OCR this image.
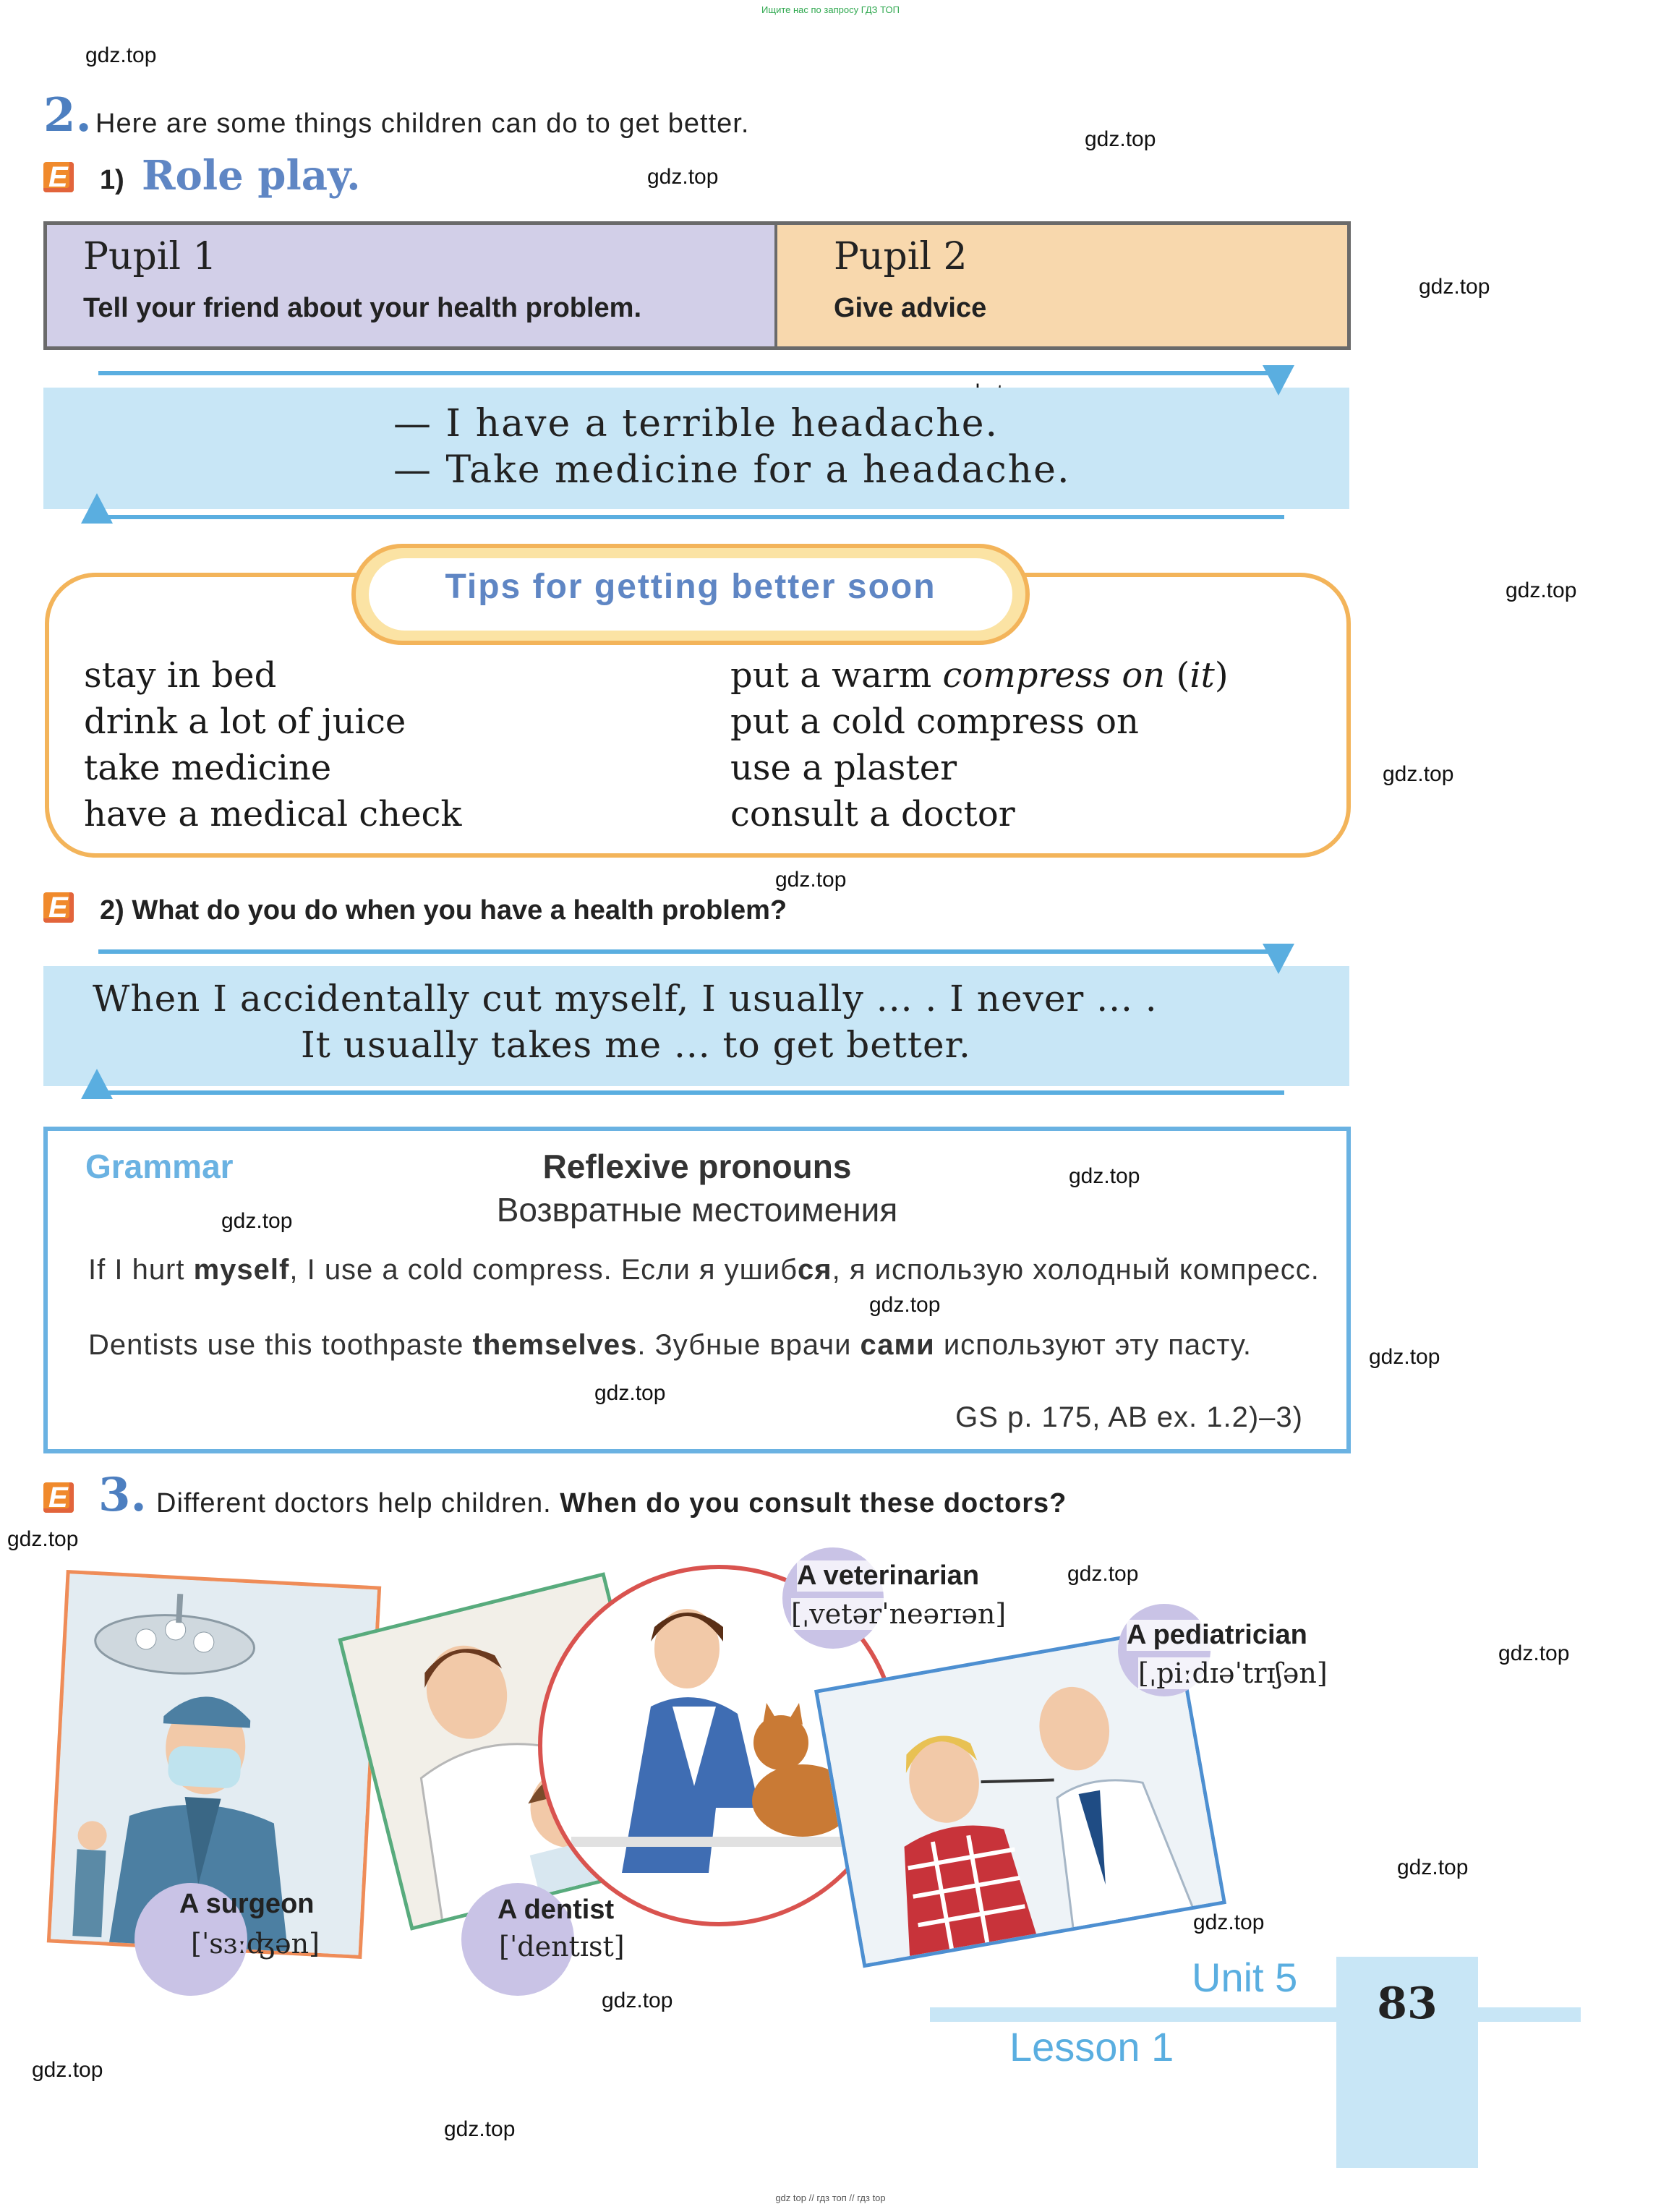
Ищите нас по запросу ГДЗ ТОП
gdz.top
gdz.top
gdz.top
gdz.top
gdz.top
gdz.top
gdz.top
gdz.top
gdz.top
gdz.top
gdz.top
gdz.top
gdz.top
gdz.top
gdz.top
gdz.top
gdz.top
gdz.top
gdz.top
gdz.top
2. Here are some things children can do to get better.
E
1) Role play.
Pupil 1
Tell your friend about your health problem.
Pupil 2
Give advice
— I have a terrible headache.
— Take medicine for a headache.
Tips for getting better soon
stay in bed
drink a lot of juice
take medicine
have a medical check
put a warm compress on (it)
put a cold compress on
use a plaster
consult a doctor
E
2) What do you do when you have a health problem?
When I accidentally cut myself, I usually ... . I never ... .
It usually takes me ... to get better.
Grammar	Reflexive pronouns
Возвратные местоимения
If I hurt myself, I use a cold compress. Если я ушибся, я использую холодный компресс.
Dentists use this toothpaste themselves. Зубные врачи сами используют эту пасту.
GS p. 175, AB ex. 1.2)–3)
E
3. Different doctors help children. When do you consult these doctors?
A surgeon
[ˈsɜːʤən]
A dentist
[ˈdentɪst]
A veterinarian
[ˌvetərˈneərɪən]
A pediatrician
[ˌpiːdɪəˈtrɪʃən]
Unit 5
Lesson 1
83
gdz top // гдз топ // гдз top
